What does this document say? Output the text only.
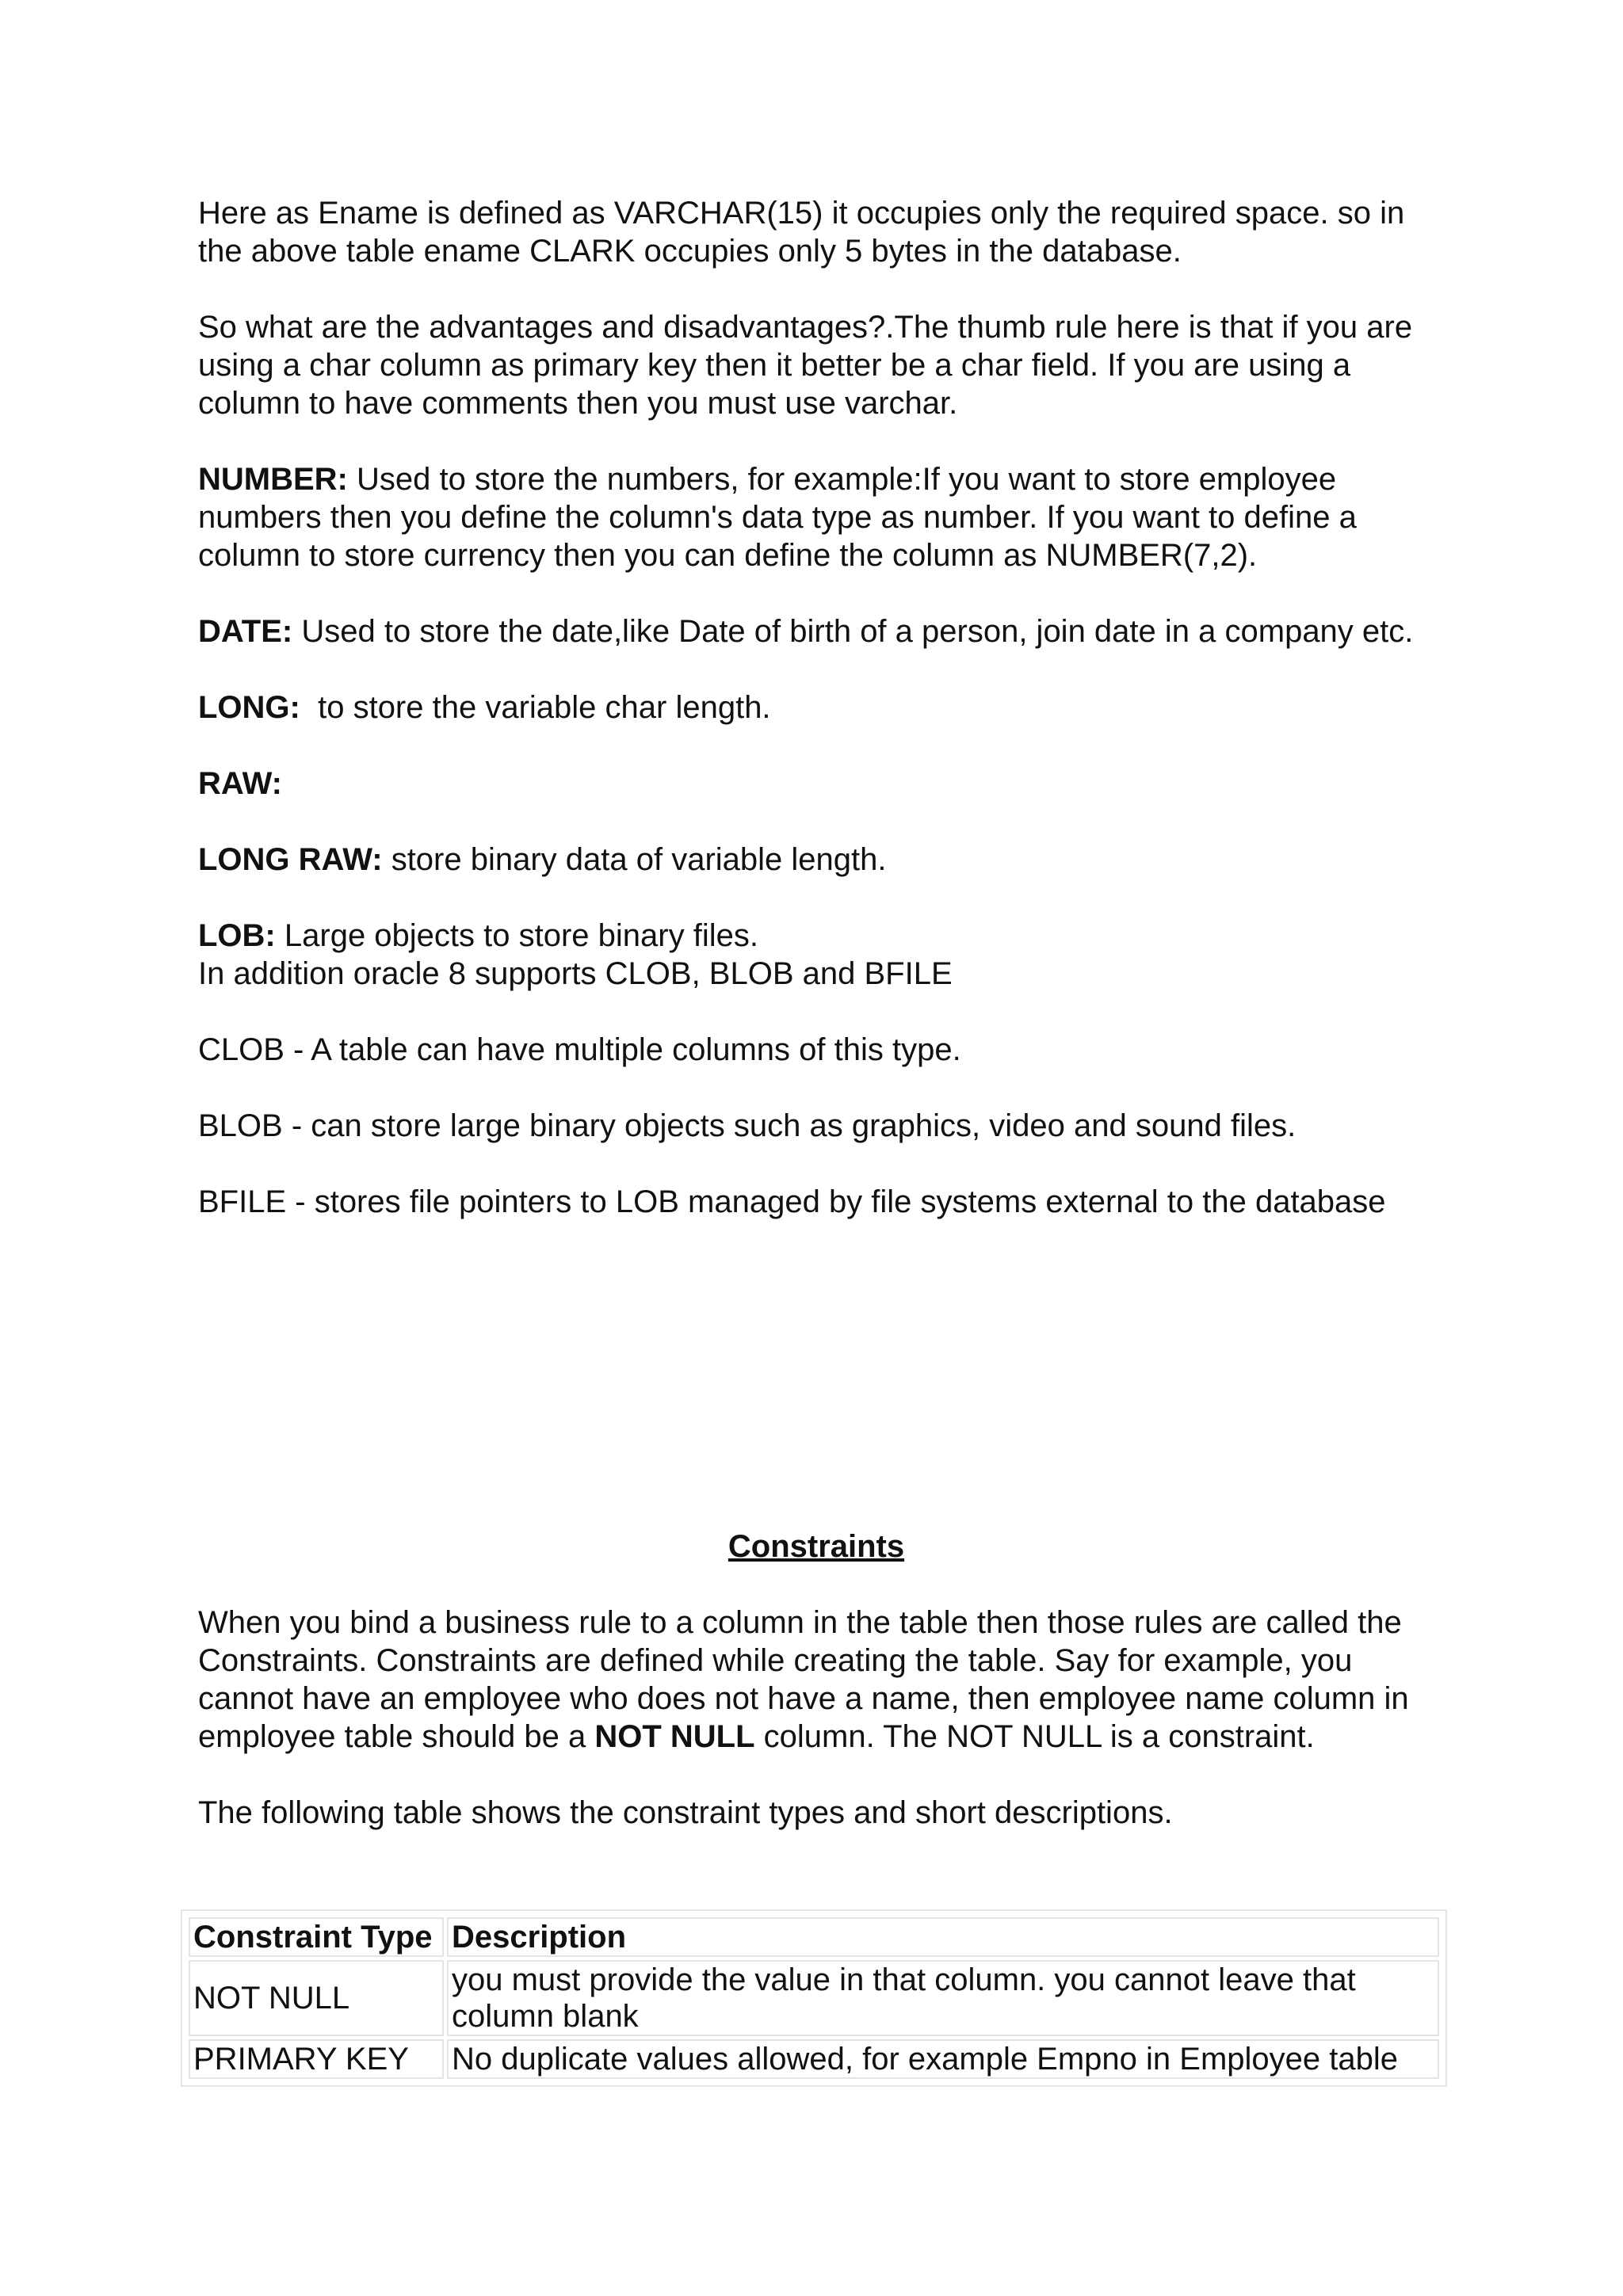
Here as Ename is defined as VARCHAR(15) it occupies only the required space. so in the above table ename CLARK occupies only 5 bytes in the database.

So what are the advantages and disadvantages?.The thumb rule here is that if you are using a char column as primary key then it better be a char field. If you are using a column to have comments then you must use varchar.

NUMBER: Used to store the numbers, for example:If you want to store employee numbers then you define the column's data type as number. If you want to define a column to store currency then you can define the column as NUMBER(7,2).

DATE: Used to store the date,like Date of birth of a person, join date in a company etc.

LONG:  to store the variable char length.

RAW:

LONG RAW: store binary data of variable length.

LOB: Large objects to store binary files.

In addition oracle 8 supports CLOB, BLOB and BFILE

CLOB - A table can have multiple columns of this type.

BLOB - can store large binary objects such as graphics, video and sound files.

BFILE - stores file pointers to LOB managed by file systems external to the database

Constraints

When you bind a business rule to a column in the table then those rules are called the Constraints. Constraints are defined while creating the table. Say for example, you cannot have an employee who does not have a name, then employee name column in employee table should be a NOT NULL column. The NOT NULL is a constraint.

The following table shows the constraint types and short descriptions.

Constraint Type	Description
NOT NULL	you must provide the value in that column. you cannot leave that column blank
PRIMARY KEY	No duplicate values allowed, for example Empno in Employee table
